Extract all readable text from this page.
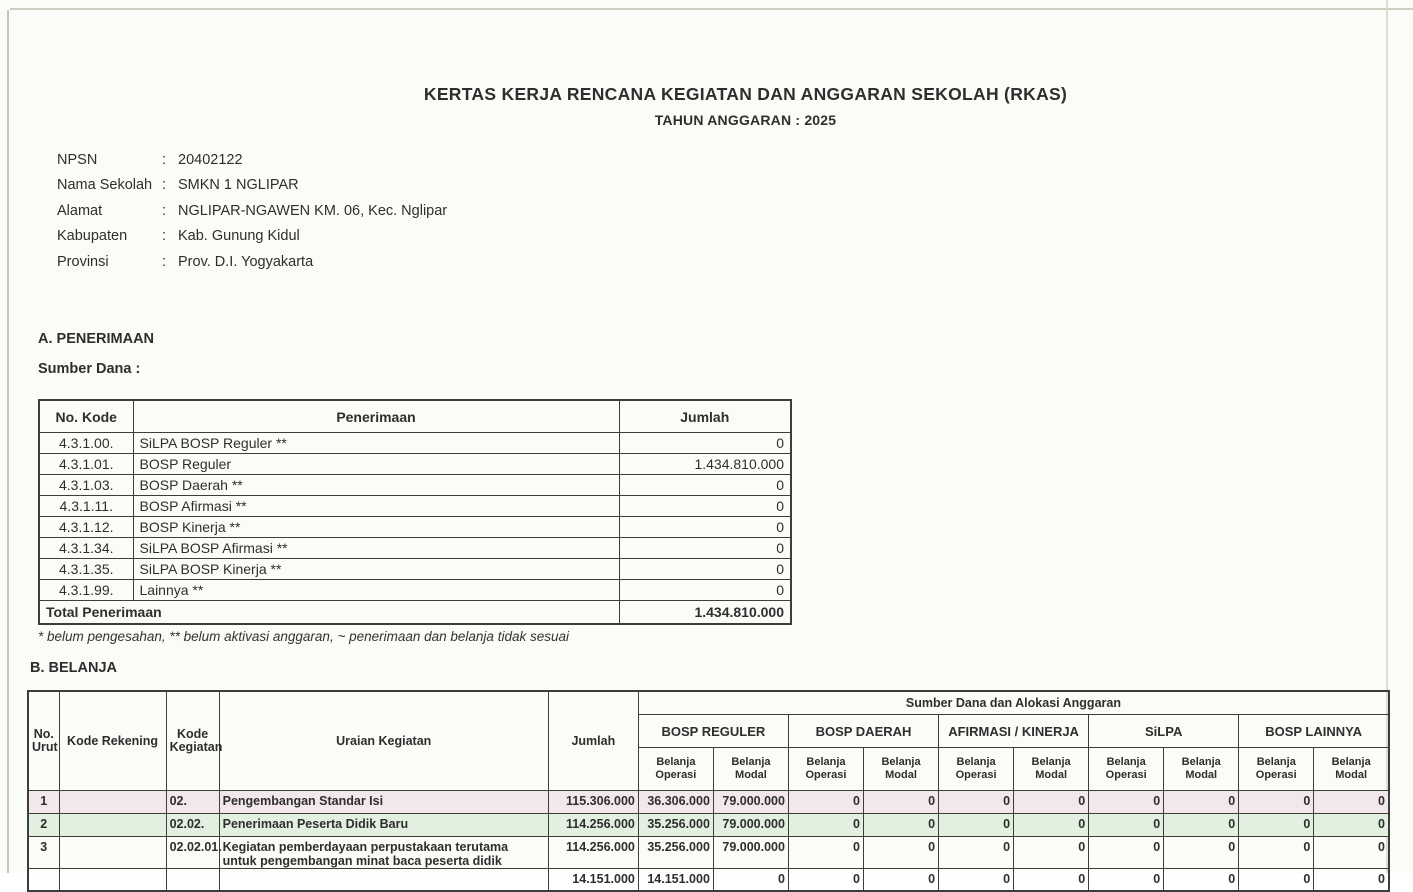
KERTAS KERJA RENCANA KEGIATAN DAN ANGGARAN SEKOLAH (RKAS)
TAHUN ANGGARAN : 2025
NPSN	: 20402122
Nama Sekolah : SMKN 1 NGLIPAR
Alamat	: NGLIPAR-NGAWEN KM. 06, Kec. Nglipar
Kabupaten	: Kab. Gunung Kidul
Provinsi	: Prov. D.I. Yogyakarta
A. PENERIMAAN
Sumber Dana :
No. Kode	Penerimaan	Jumlah
4.3.1.00.	SiLPA BOSP Reguler **	0
4.3.1.01.	BOSP Reguler	1.434.810.000
4.3.1.03.	BOSP Daerah **	0
4.3.1.11.	BOSP Afirmasi **	0
4.3.1.12.	BOSP Kinerja **	0
4.3.1.34.	SiLPA BOSP Afirmasi **	0
4.3.1.35.	SiLPA BOSP Kinerja **	0
4.3.1.99.	Lainnya **	0
Total Penerimaan		1.434.810.000
* belum pengesahan, ** belum aktivasi anggaran, ~ penerimaan dan belanja tidak sesuai
B. BELANJA
No. Urut	Kode Rekening	Kode Kegiatan	Uraian Kegiatan	Jumlah	Sumber Dana dan Alokasi Anggaran									
					BOSP REGULER		BOSP DAERAH		AFIRMASI / KINERJA		SiLPA		BOSP LAINNYA	
					Belanja Operasi	Belanja Modal	Belanja Operasi	Belanja Modal	Belanja Operasi	Belanja Modal	Belanja Operasi	Belanja Modal	Belanja Operasi	Belanja Modal
1		02.	Pengembangan Standar Isi	115.306.000	36.306.000	79.000.000	0	0	0	0	0	0	0	0
2		02.02.	Penerimaan Peserta Didik Baru	114.256.000	35.256.000	79.000.000	0	0	0	0	0	0	0	0
3		02.02.01.	Kegiatan pemberdayaan perpustakaan terutama untuk pengembangan minat baca peserta didik	114.256.000	35.256.000	79.000.000	0	0	0	0	0	0	0	0
				14.151.000	14.151.000	0	0	0	0	0	0	0	0	0
